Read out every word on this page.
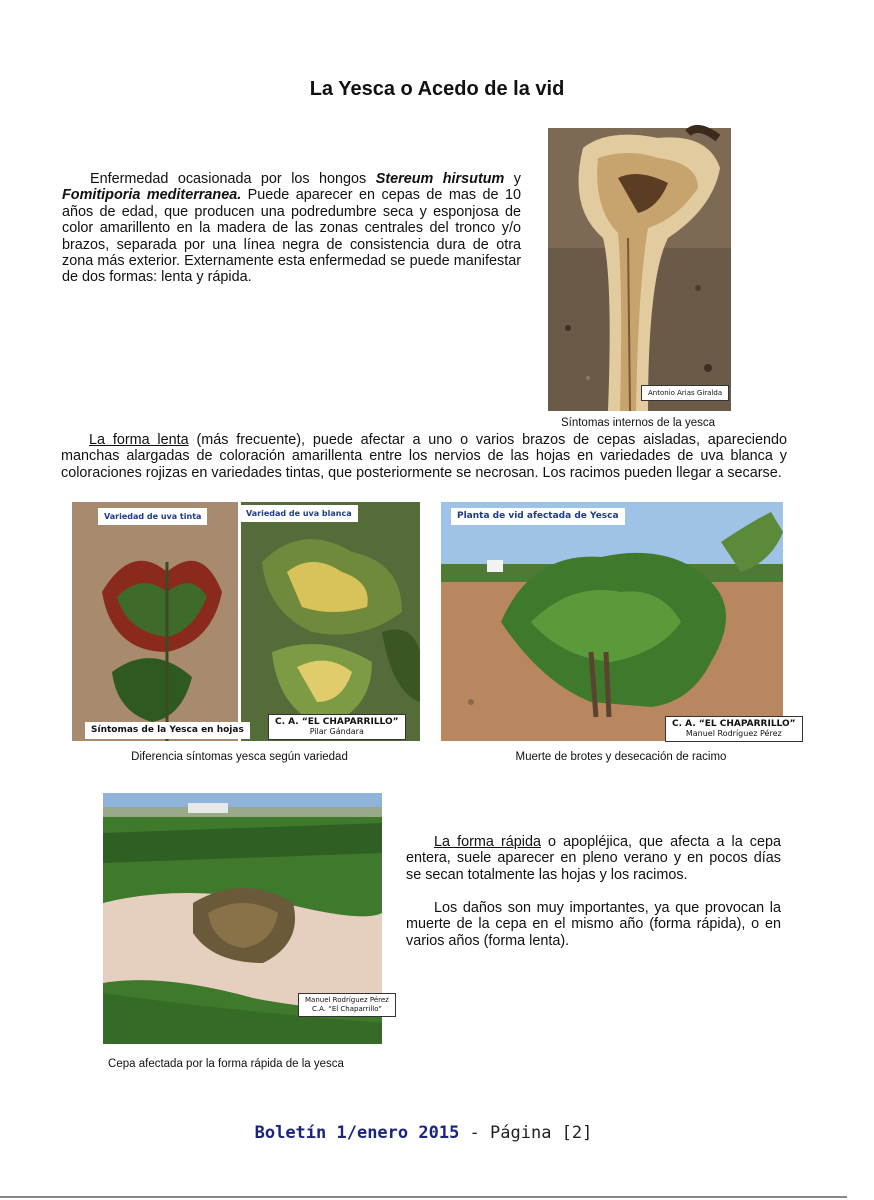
La Yesca o Acedo de la vid
Enfermedad ocasionada por los hongos Stereum hirsutum y Fomitiporia mediterranea. Puede aparecer en cepas de mas de 10 años de edad, que producen una podredumbre seca y esponjosa de color amarillento en la madera de las zonas centrales del tronco y/o brazos, separada por una línea negra de consistencia dura de otra zona más exterior. Externamente esta enfermedad se puede manifestar de dos formas: lenta y rápida.
Antonio Arias Giralda
Síntomas internos de la yesca
La forma lenta (más frecuente), puede afectar a uno o varios brazos de cepas aisladas, apareciendo manchas alargadas de coloración amarillenta entre los nervios de las hojas en variedades de uva blanca y coloraciones rojizas en variedades tintas, que posteriormente se necrosan. Los racimos pueden llegar a secarse.
Variedad de uva tinta	Variedad de uva blanca
Síntomas de la Yesca en hojas
C. A. “EL CHAPARRILLO”
Pilar Gándara
Diferencia síntomas yesca según variedad
Planta de vid afectada de Yesca
C. A. “EL CHAPARRILLO”
Manuel Rodríguez Pérez
Muerte de brotes y desecación de racimo
Manuel Rodríguez Pérez
C.A. “El Chaparrillo”
Cepa afectada por la forma rápida de la yesca
La forma rápida o apopléjica, que afecta a la cepa entera, suele aparecer en pleno verano y en pocos días se secan totalmente las hojas y los racimos.
Los daños son muy importantes, ya que provocan la muerte de la cepa en el mismo año (forma rápida), o en varios años (forma lenta).
Boletín 1/enero 2015 - Página [2]
